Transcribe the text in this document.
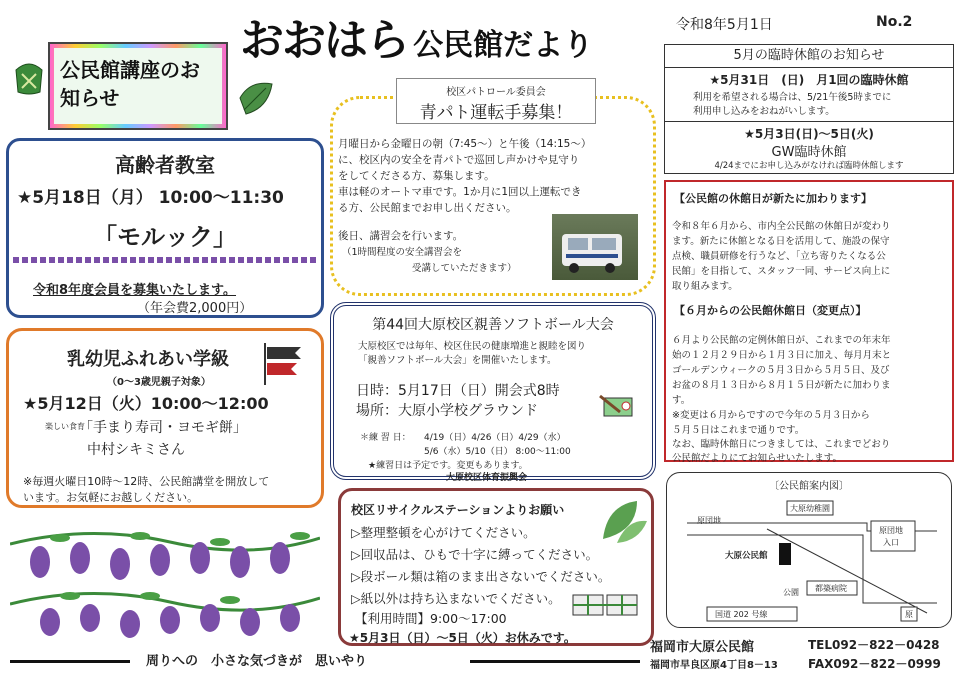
おおはら 公民館だより
令和8年5月1日	No.2
公民館講座のお知らせ
高齢者教室
★5月18日（月） 10:00～11:30
「モルック」
令和8年度会員を募集いたします。
（年会費2,000円）
乳幼児ふれあい学級
（0～3歳児親子対象）
★5月12日（火）10:00～12:00
楽しい食育
「手まり寿司・ヨモギ餅」
中村シキミさん
※毎週火曜日10時～12時、公民館講堂を開放して
います。お気軽にお越しください。
校区パトロール委員会
青パト運転手募集！
月曜日から金曜日の朝（7:45～）と午後（14:15～）
に、校区内の安全を青パトで巡回し声かけや見守り
をしてくださる方、募集します。
車は軽のオートマ車です。1か月に1回以上運転でき
る方、公民館までお申し出ください。
後日、講習会を行います。
（1時間程度の安全講習会を
受講していただきます）
第44回大原校区親善ソフトボール大会
大原校区では毎年、校区住民の健康増進と親睦を図り
「親善ソフトボール大会」を開催いたします。
日時：5月17日（日）開会式8時
場所：大原小学校グラウンド
＊練 習 日： 4/19（日）4/26（日）4/29（水）
5/6（水）5/10（日） 8:00～11:00
★練習日は予定です。変更もあります。
大原校区体育振興会
校区リサイクルステーションよりお願い
▷整理整頓を心がけてください。
▷回収品は、ひもで十字に縛ってください。
▷段ボール類は箱のまま出さないでください。
▷紙以外は持ち込まないでください。
【利用時間】9:00～17:00
★5月3日（日）～5日（火）お休みです。
5月の臨時休館のお知らせ
★5月31日　(日)　月1回の臨時休館
利用を希望される場合は、5/21午後5時までに
利用申し込みをおねがいします。
★5月3日(日)～5日(火)
GW臨時休館
4/24までにお申し込みがなければ臨時休館します
【公民館の休館日が新たに加わります】
令和８年６月から、市内全公民館の休館日が変わり
ます。新たに休館となる日を活用して、施設の保守
点検、職員研修を行うなど、「立ち寄りたくなる公
民館」を目指して、スタッフ一同、サービス向上に
取り組みます。
【６月からの公民館休館日（変更点）】
６月より公民館の定例休館日が、これまでの年末年
始の１２月２９日から１月３日に加え、毎月月末と
ゴールデンウィークの５月３日から５月５日、及び
お盆の８月１３日から８月１５日が新たに加わりま
す。
※変更は６月からですので今年の５月３日から
５月５日はこれまで通りです。
なお、臨時休館日につきましては、これまでどおり
公民館だよりにてお知らせいたします。
〔公民館案内図〕
原団地
大原幼稚園
原団地
入口
大原公民館
公園 都築病院
国道 202 号線	原
福岡市大原公民館
福岡市早良区原4丁目8－13
TEL092－822－0428
FAX092－822－0999
周りへの　小さな気づきが　思いやり
